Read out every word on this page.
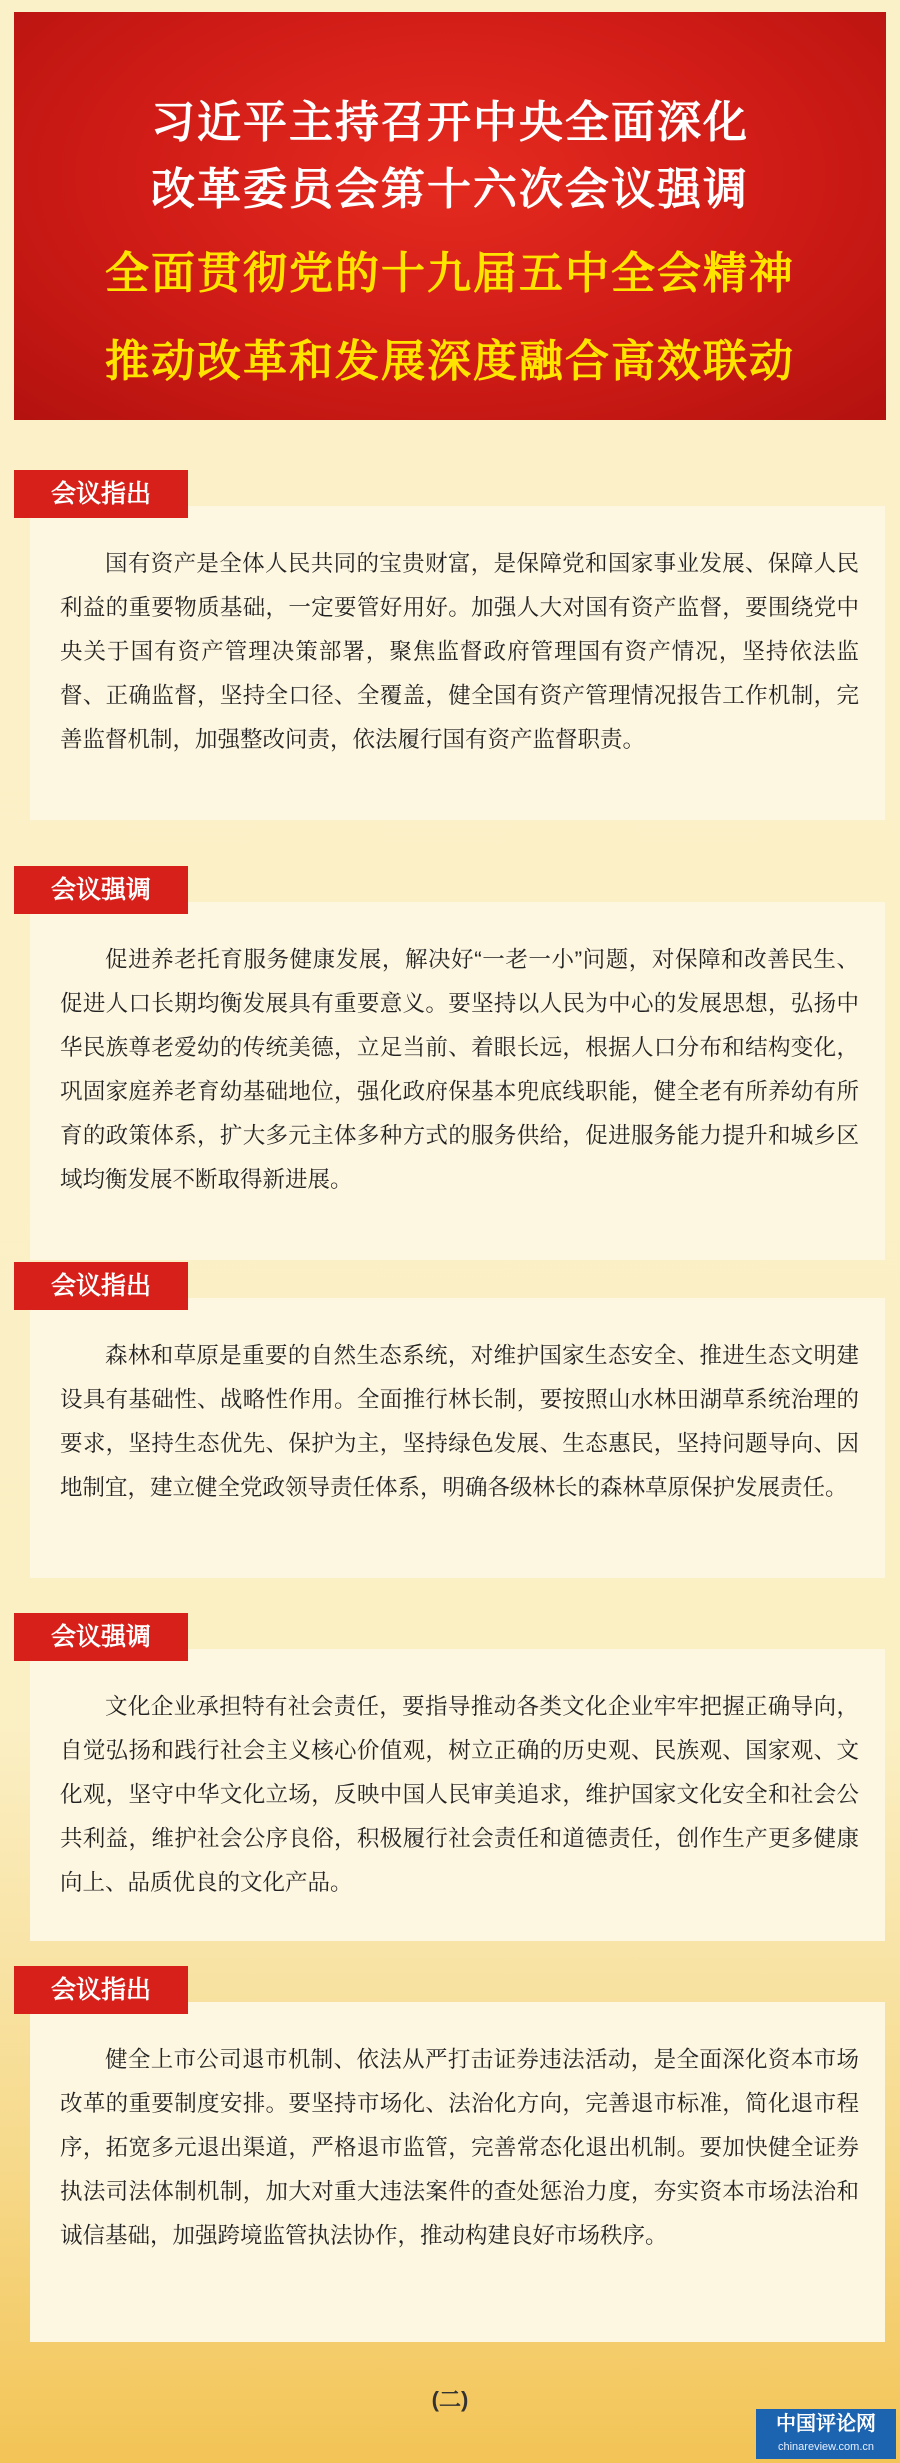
习近平主持召开中央全面深化
改革委员会第十六次会议强调
全面贯彻党的十九届五中全会精神
推动改革和发展深度融合高效联动

国有资产是全体人民共同的宝贵财富，是保障党和国家事业发展、保障人民利益的重要物质基础，一定要管好用好。加强人大对国有资产监督，要围绕党中央关于国有资产管理决策部署，聚焦监督政府管理国有资产情况，坚持依法监督、正确监督，坚持全口径、全覆盖，健全国有资产管理情况报告工作机制，完善监督机制，加强整改问责，依法履行国有资产监督职责。

会议指出

促进养老托育服务健康发展，解决好“一老一小”问题，对保障和改善民生、促进人口长期均衡发展具有重要意义。要坚持以人民为中心的发展思想，弘扬中华民族尊老爱幼的传统美德，立足当前、着眼长远，根据人口分布和结构变化，巩固家庭养老育幼基础地位，强化政府保基本兜底线职能，健全老有所养幼有所育的政策体系，扩大多元主体多种方式的服务供给，促进服务能力提升和城乡区域均衡发展不断取得新进展。

会议强调

森林和草原是重要的自然生态系统，对维护国家生态安全、推进生态文明建设具有基础性、战略性作用。全面推行林长制，要按照山水林田湖草系统治理的要求，坚持生态优先、保护为主，坚持绿色发展、生态惠民，坚持问题导向、因地制宜，建立健全党政领导责任体系，明确各级林长的森林草原保护发展责任。

会议指出

文化企业承担特有社会责任，要指导推动各类文化企业牢牢把握正确导向，自觉弘扬和践行社会主义核心价值观，树立正确的历史观、民族观、国家观、文化观，坚守中华文化立场，反映中国人民审美追求，维护国家文化安全和社会公共利益，维护社会公序良俗，积极履行社会责任和道德责任，创作生产更多健康向上、品质优良的文化产品。

会议强调

健全上市公司退市机制、依法从严打击证券违法活动，是全面深化资本市场改革的重要制度安排。要坚持市场化、法治化方向，完善退市标准，简化退市程序，拓宽多元退出渠道，严格退市监管，完善常态化退出机制。要加快健全证券执法司法体制机制，加大对重大违法案件的查处惩治力度，夯实资本市场法治和诚信基础，加强跨境监管执法协作，推动构建良好市场秩序。

会议指出
(二)
中国评论网
chinareview.com.cn
